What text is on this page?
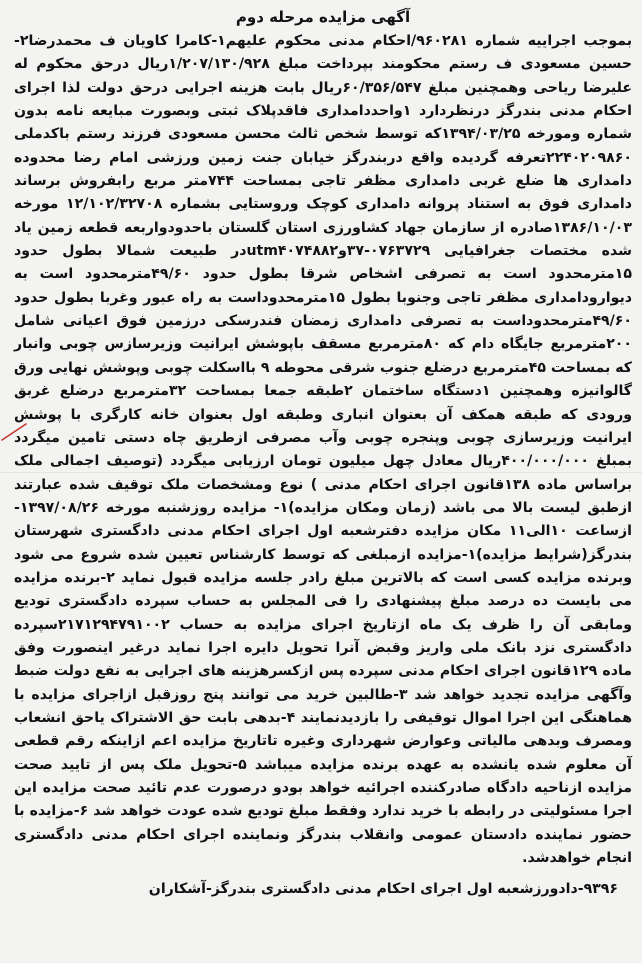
آگهی مزایده مرحله دوم

بموجب اجراییه شماره ۹۶۰۲۸۱/احکام مدنی محکوم علیهم۱-کامرا کاویان ف محمدرضا۲- حسین مسعودی ف رستم محکومند بپرداخت مبلغ ۱/۲۰۷/۱۳۰/۹۲۸ریال درحق محکوم له علیرضا ریاحی وهمچنین مبلغ ۶۰/۳۵۶/۵۴۷ریال بابت هزینه اجرایی درحق دولت لذا اجرای احکام مدنی بندرگز درنظردارد ۱واحددامداری فاقدپلاک ثبتی وبصورت مبایعه نامه بدون شماره ومورخه ۱۳۹۴/۰۳/۲۵که توسط شخص ثالث محسن مسعودی فرزند رستم باکدملی ۲۲۴۰۲۰۹۸۶۰تعرفه گردیده واقع دربندرگز خیابان جنت زمین ورزشی امام رضا محدوده دامداری ها ضلع غربی دامداری مظفر تاجی بمساحت ۷۴۴متر مربع رابفروش برساند دامداری فوق به استناد پروانه دامداری کوچک وروستایی بشماره ۱۲/۱۰۲/۳۲۷۰۸ مورخه ۱۳۸۶/۱۰/۰۳صادره از سازمان جهاد کشاورزی استان گلستان باحدودواربعه قطعه زمین یاد شده مختصات جغرافیایی ۰۷۶۳۷۲۹-۳۷وutm۴۰۷۴۸۸۲در طبیعت شمالا بطول حدود ۱۵مترمحدود است به تصرفی اشخاص شرقا بطول حدود ۴۹/۶۰مترمحدود است به دیوارودامداری مظفر تاجی وجنوبا بطول ۱۵مترمحدوداست به راه عبور وغربا بطول حدود ۴۹/۶۰مترمحدوداست به تصرفی دامداری زمضان فندرسکی درزمین فوق اعیانی شامل ۲۰۰مترمربع جایگاه دام که ۸۰مترمربع مسقف باپوشش ایرانیت وزیرسازس چوبی وانبار که بمساحت ۴۵مترمربع درضلع جنوب شرقی محوطه ۹ بااسکلت چوبی وپوشش نهایی ورق گالوانیزه وهمچنین ۱دستگاه ساختمان ۲طبقه جمعا بمساحت ۳۲مترمربع درضلع غربق ورودی که طبقه همکف آن بعنوان انباری وطبقه اول بعنوان خانه کارگری با پوشش ایرانیت وزیرسازی چوبی وپنجره چوبی وآب مصرفی ازطریق چاه دستی تامین میگردد بمبلغ ۴۰۰/۰۰۰/۰۰۰ریال معادل چهل میلیون تومان ارزیابی میگردد (توصیف اجمالی ملک براساس ماده ۱۳۸قانون اجرای احکام مدنی ) نوع ومشخصات ملک توقیف شده عبارتند ازطبق لیست بالا می باشد (زمان ومکان مزایده)۱- مزایده روزشنبه مورخه ۱۳۹۷/۰۸/۲۶-ازساعت ۱۰الی۱۱ مکان مزایده دفترشعبه اول اجرای احکام مدنی دادگستری شهرستان بندرگز(شرایط مزایده)۱-مزایده ازمبلغی که توسط کارشناس تعیین شده شروع می شود وبرنده مزایده کسی است که بالاترین مبلغ رادر جلسه مزایده قبول نماید ۲-برنده مزایده می بایست ده درصد مبلغ پیشنهادی را فی المجلس به حساب سپرده دادگستری تودیع ومابقی آن را ظرف یک ماه ازتاریخ اجرای مزایده به حساب ۲۱۷۱۲۹۴۷۹۱۰۰۲سپرده دادگستری نزد بانک ملی واریز وقبض آنرا تحویل دایره اجرا نماید درغیر اینصورت وفق ماده ۱۲۹قانون اجرای احکام مدنی سپرده پس ازکسرهزینه های اجرایی به نفع دولت ضبط وآگهی مزایده تجدید خواهد شد ۳-طالبین خرید می توانند پنج روزقبل ازاجرای مزایده با هماهنگی این اجرا اموال توقیفی را بازدیدنمایند ۴-بدهی بابت حق الاشتراک یاحق انشعاب ومصرف وبدهی مالیاتی وعوارض شهرداری وغیره تاتاریخ مزایده اعم ازاینکه رقم قطعی آن معلوم شده یانشده به عهده برنده مزایده میباشد ۵-تحویل ملک پس از تایید صحت مزایده ازناحیه دادگاه صادرکننده اجرائیه خواهد بودو درصورت عدم تائید صحت مزایده این اجرا مسئولیتی در رابطه با خرید ندارد وفقط مبلغ تودیع شده عودت خواهد شد ۶-مزایده با حضور نماینده دادستان عمومی وانقلاب بندرگز ونماینده اجرای احکام مدنی دادگستری انجام خواهدشد.

۹۳۹۶-دادورزشعبه اول اجرای احکام مدنی دادگستری بندرگز-آشکاران
